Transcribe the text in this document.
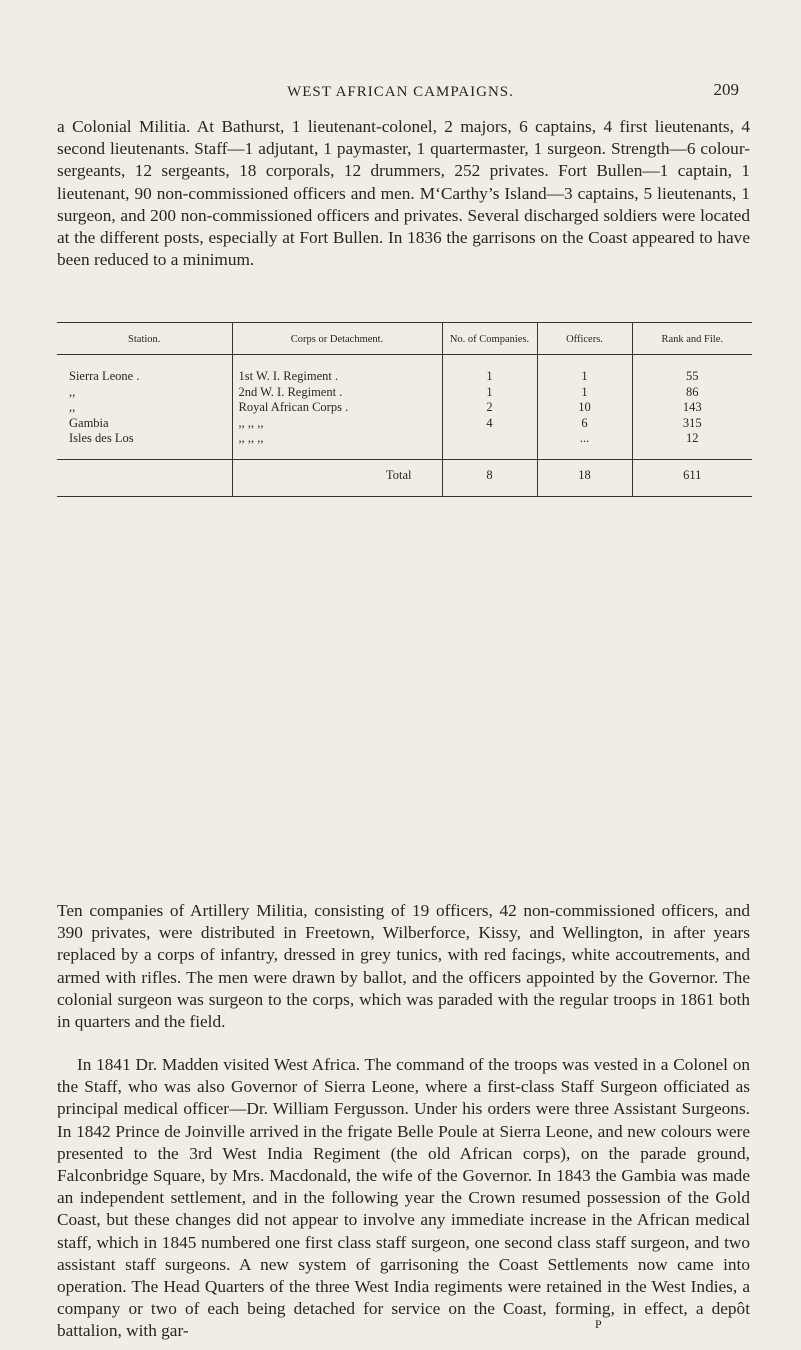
WEST AFRICAN CAMPAIGNS.	209

a Colonial Militia. At Bathurst, 1 lieutenant-colonel, 2 majors, 6 captains, 4 first lieutenants, 4 second lieutenants. Staff—1 adjutant, 1 paymaster, 1 quartermaster, 1 surgeon. Strength—6 colour-sergeants, 12 sergeants, 18 corporals, 12 drummers, 252 privates. Fort Bullen—1 captain, 1 lieutenant, 90 non-commissioned officers and men. M‘Carthy’s Island—3 captains, 5 lieutenants, 1 surgeon, and 200 non-commissioned officers and privates. Several discharged soldiers were located at the different posts, especially at Fort Bullen. In 1836 the garrisons on the Coast appeared to have been reduced to a minimum.

Station.	Corps or Detachment.	No. of Companies.	Officers.	Rank and File.
Sierra Leone .	1st W. I. Regiment .	1	1	55
,,	2nd W. I. Regiment .	1	1	86
,,	Royal African Corps .	2	10	143
Gambia	,, ,, ,,	4	6	315
Isles des Los	,, ,, ,,		...	12
	Total	8	18	611

Ten companies of Artillery Militia, consisting of 19 officers, 42 non-commissioned officers, and 390 privates, were distributed in Freetown, Wilberforce, Kissy, and Wellington, in after years replaced by a corps of infantry, dressed in grey tunics, with red facings, white accoutrements, and armed with rifles. The men were drawn by ballot, and the officers appointed by the Governor. The colonial surgeon was surgeon to the corps, which was paraded with the regular troops in 1861 both in quarters and the field.

In 1841 Dr. Madden visited West Africa. The command of the troops was vested in a Colonel on the Staff, who was also Governor of Sierra Leone, where a first-class Staff Surgeon officiated as principal medical officer—Dr. William Fergusson. Under his orders were three Assistant Surgeons. In 1842 Prince de Joinville arrived in the frigate Belle Poule at Sierra Leone, and new colours were presented to the 3rd West India Regiment (the old African corps), on the parade ground, Falconbridge Square, by Mrs. Macdonald, the wife of the Governor. In 1843 the Gambia was made an independent settlement, and in the following year the Crown resumed possession of the Gold Coast, but these changes did not appear to involve any immediate increase in the African medical staff, which in 1845 numbered one first class staff surgeon, one second class staff surgeon, and two assistant staff surgeons. A new system of garrisoning the Coast Settlements now came into operation. The Head Quarters of the three West India regiments were retained in the West Indies, a company or two of each being detached for service on the Coast, forming, in effect, a depôt battalion, with gar-	P
